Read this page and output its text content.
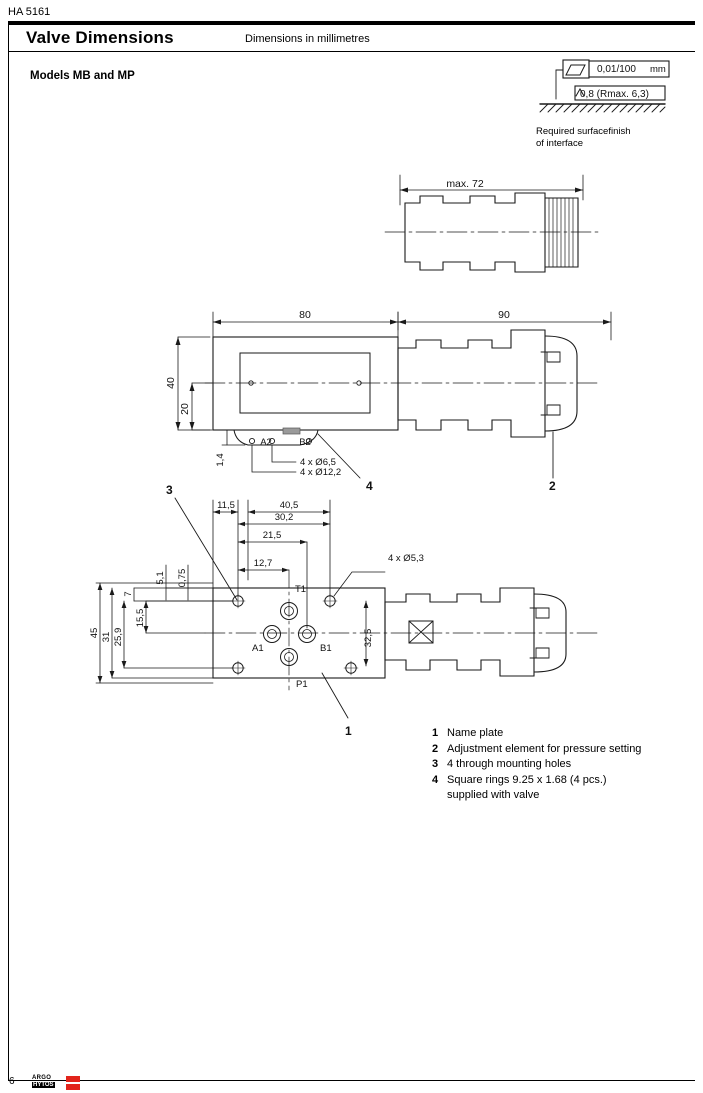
HA 5161
Valve Dimensions	Dimensions in millimetres
Models MB and MP
max. 72
80	90
40
20
1,4
A2	B2
4 x Ø6,5
4 x Ø12,2
11,5	40,5
30,2
21,5
12,7
5,1 0,75
7
15,5
25,9
31
45	32,5
4 x Ø5,3
T1
A1	B1
P1
3	4	2
1
0,01/100 mm
0,8 (Rmax. 6,3)
Required surfacefinish
of interface
1 Name plate
2 Adjustment element for pressure setting
3 4 through mounting holes
4 Square rings 9.25 x 1.68 (4 pcs.)
supplied with valve
6	ARGO
HYTOS
